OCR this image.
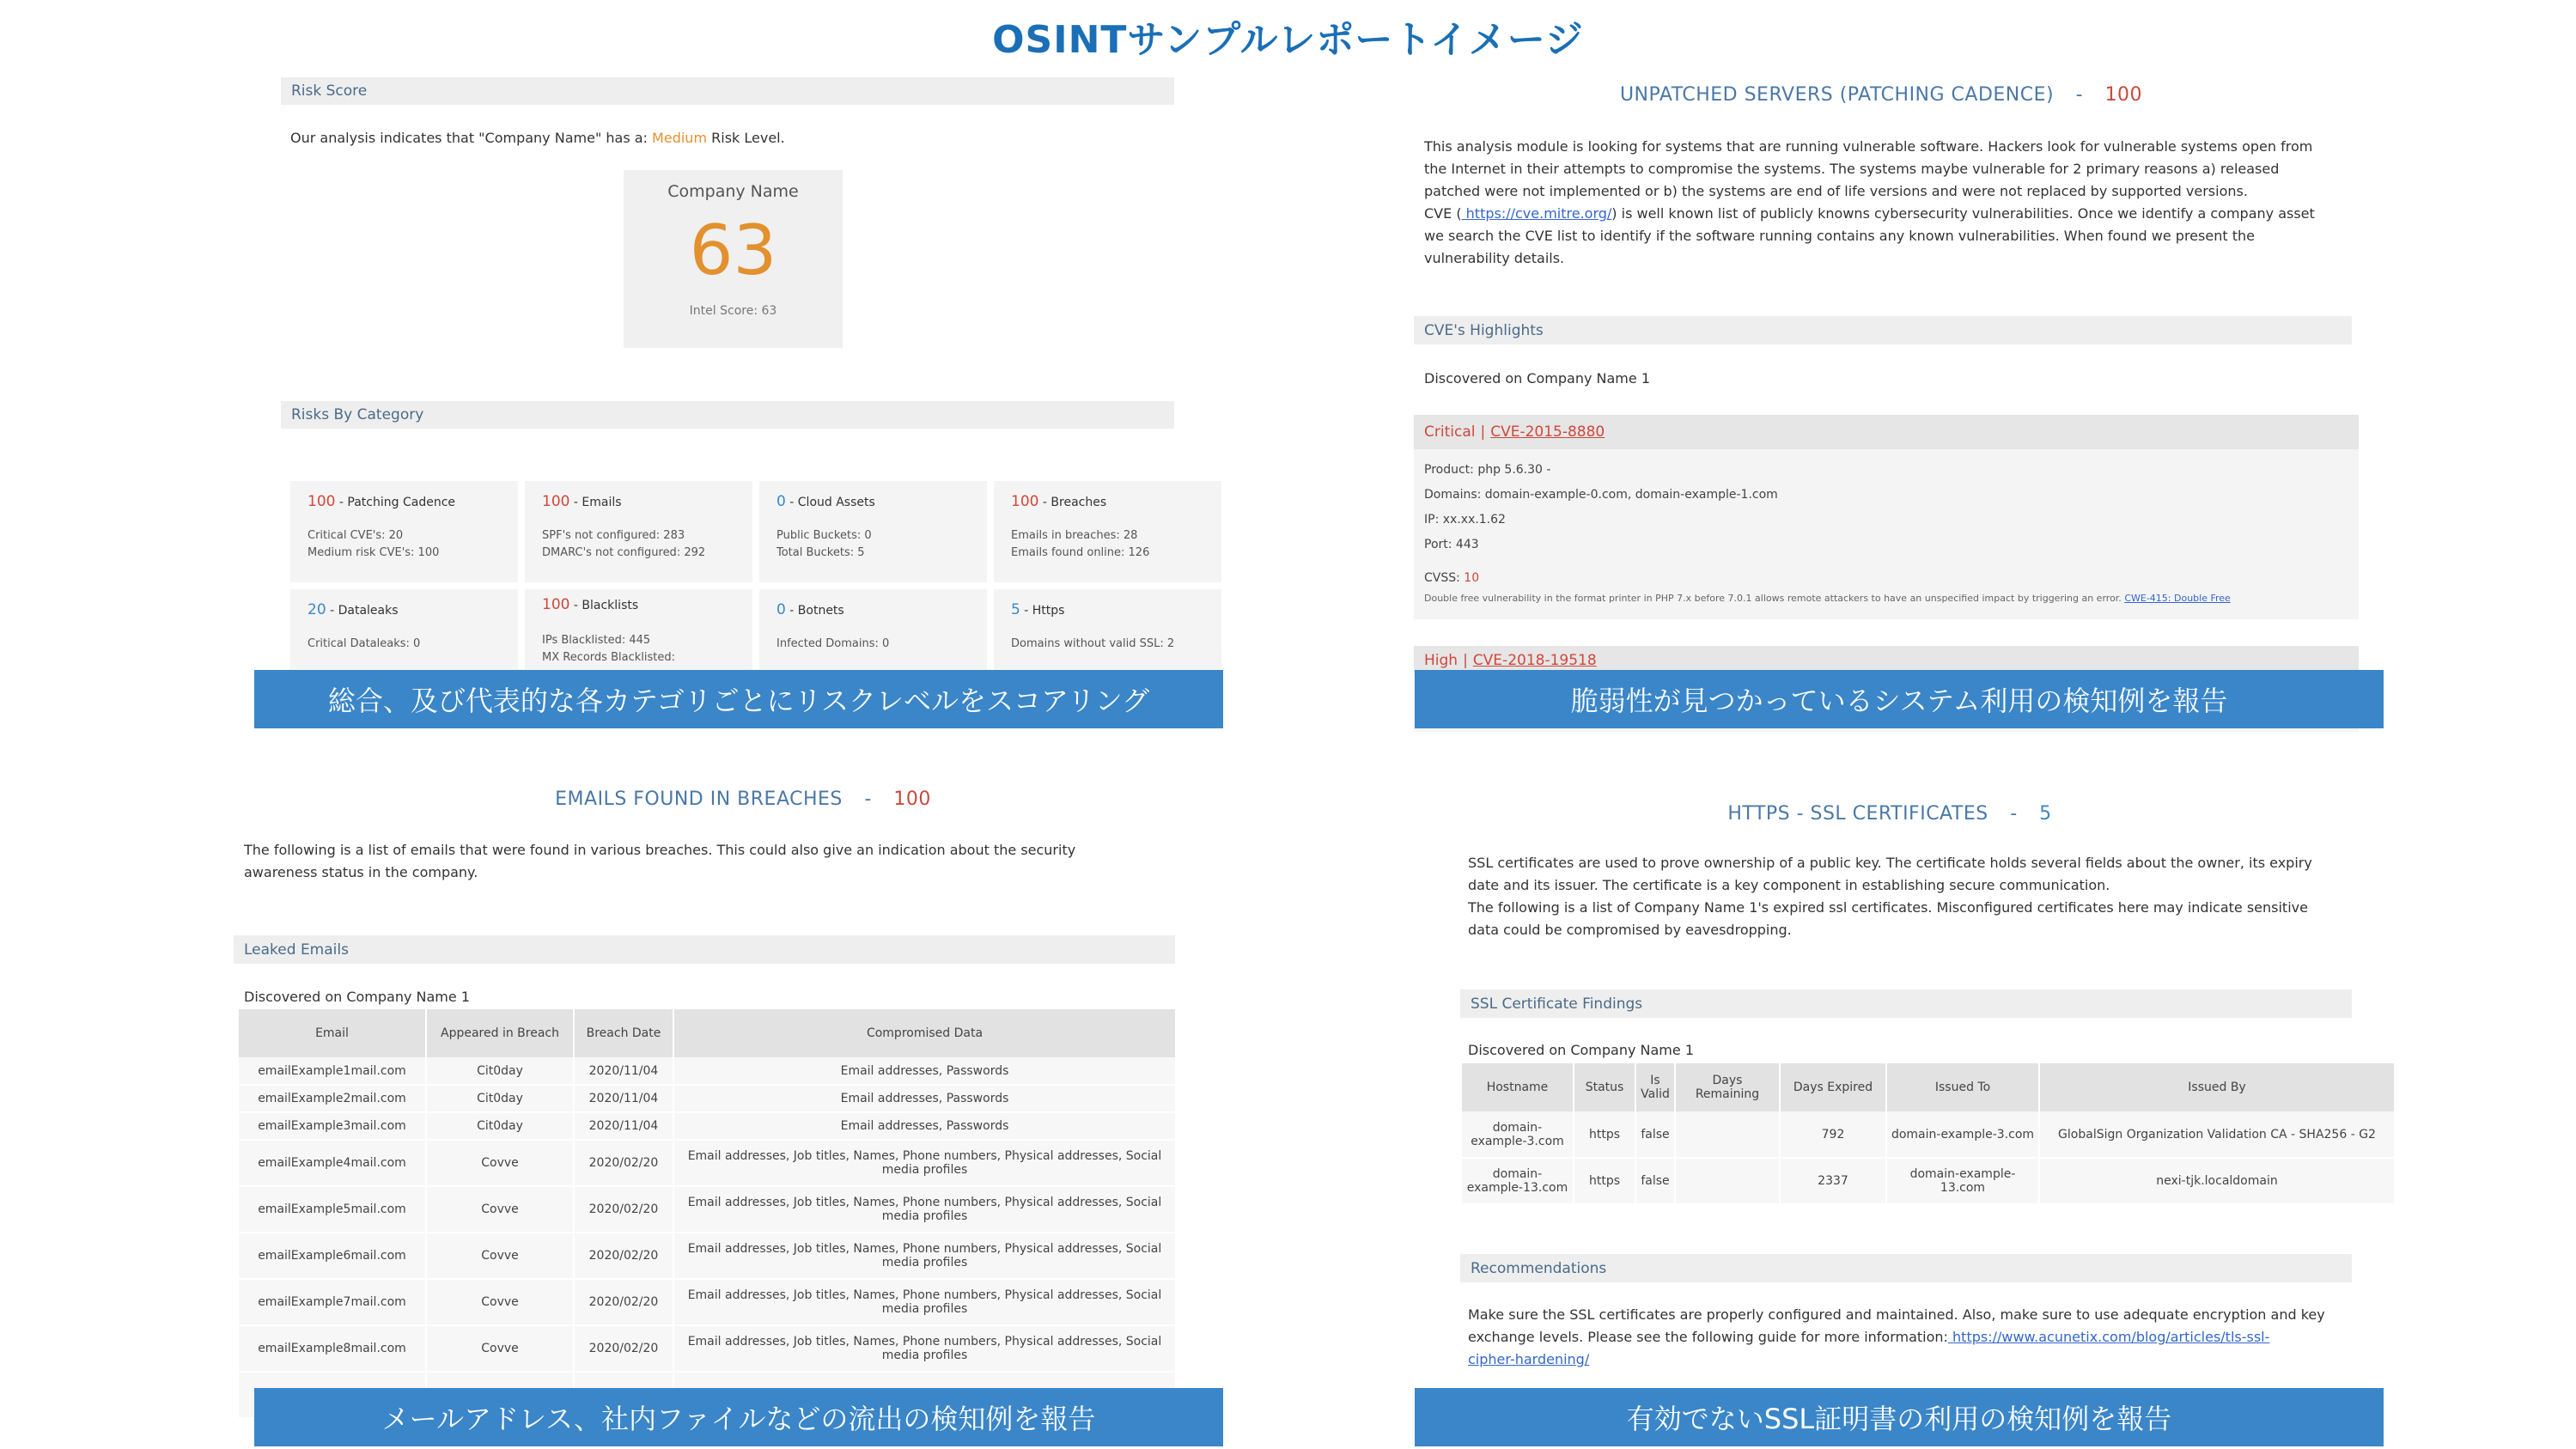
OSINTサンプルレポートイメージ
Risk Score
Our analysis indicates that "Company Name" has a: Medium Risk Level.
Company Name
63
Intel Score: 63
Risks By Category
100 - Patching Cadence
Critical CVE's: 20
Medium risk CVE's: 100
100 - Emails
SPF's not configured: 283
DMARC's not configured: 292
0 - Cloud Assets
Public Buckets: 0
Total Buckets: 5
100 - Breaches
Emails in breaches: 28
Emails found online: 126
20 - Dataleaks
Critical Dataleaks: 0
100 - Blacklists
IPs Blacklisted: 445
MX Records Blacklisted:
0 - Botnets
Infected Domains: 0
5 - Https
Domains without valid SSL: 2
総合、及び代表的な各カテゴリごとにリスクレベルをスコアリング
UNPATCHED SERVERS (PATCHING CADENCE) - 100
This analysis module is looking for systems that are running vulnerable software. Hackers look for vulnerable systems open from
the Internet in their attempts to compromise the systems. The systems maybe vulnerable for 2 primary reasons a) released
patched were not implemented or b) the systems are end of life versions and were not replaced by supported versions.
CVE ( https://cve.mitre.org/) is well known list of publicly knowns cybersecurity vulnerabilities. Once we identify a company asset
we search the CVE list to identify if the software running contains any known vulnerabilities. When found we present the
vulnerability details.
CVE's Highlights
Discovered on Company Name 1
Critical | CVE-2015-8880
Product: php 5.6.30 -
Domains: domain-example-0.com, domain-example-1.com
IP: xx.xx.1.62
Port: 443
CVSS: 10
Double free vulnerability in the format printer in PHP 7.x before 7.0.1 allows remote attackers to have an unspecified impact by triggering an error. CWE-415: Double Free
High | CVE-2018-19518
脆弱性が見つかっているシステム利用の検知例を報告
EMAILS FOUND IN BREACHES - 100
The following is a list of emails that were found in various breaches. This could also give an indication about the security
awareness status in the company.
Leaked Emails
Discovered on Company Name 1
Email	Appeared in Breach	Breach Date	Compromised Data
emailExample1mail.com	Cit0day	2020/11/04	Email addresses, Passwords
emailExample2mail.com	Cit0day	2020/11/04	Email addresses, Passwords
emailExample3mail.com	Cit0day	2020/11/04	Email addresses, Passwords
emailExample4mail.com	Covve	2020/02/20	Email addresses, Job titles, Names, Phone numbers, Physical addresses, Social media profiles
emailExample5mail.com	Covve	2020/02/20	Email addresses, Job titles, Names, Phone numbers, Physical addresses, Social media profiles
emailExample6mail.com	Covve	2020/02/20	Email addresses, Job titles, Names, Phone numbers, Physical addresses, Social media profiles
emailExample7mail.com	Covve	2020/02/20	Email addresses, Job titles, Names, Phone numbers, Physical addresses, Social media profiles
emailExample8mail.com	Covve	2020/02/20	Email addresses, Job titles, Names, Phone numbers, Physical addresses, Social media profiles

メールアドレス、社内ファイルなどの流出の検知例を報告
HTTPS - SSL CERTIFICATES - 5
SSL certificates are used to prove ownership of a public key. The certificate holds several fields about the owner, its expiry
date and its issuer. The certificate is a key component in establishing secure communication.
The following is a list of Company Name 1's expired ssl certificates. Misconfigured certificates here may indicate sensitive
data could be compromised by eavesdropping.
SSL Certificate Findings
Discovered on Company Name 1
Hostname	Status	Is Valid	Days Remaining	Days Expired	Issued To	Issued By
domain-example-3.com	https	false		792	domain-example-3.com	GlobalSign Organization Validation CA - SHA256 - G2
domain-example-13.com	https	false		2337	domain-example-13.com	nexi-tjk.localdomain
Recommendations
Make sure the SSL certificates are properly configured and maintained. Also, make sure to use adequate encryption and key
exchange levels. Please see the following guide for more information: https://www.acunetix.com/blog/articles/tls-ssl-
cipher-hardening/
有効でないSSL証明書の利用の検知例を報告
